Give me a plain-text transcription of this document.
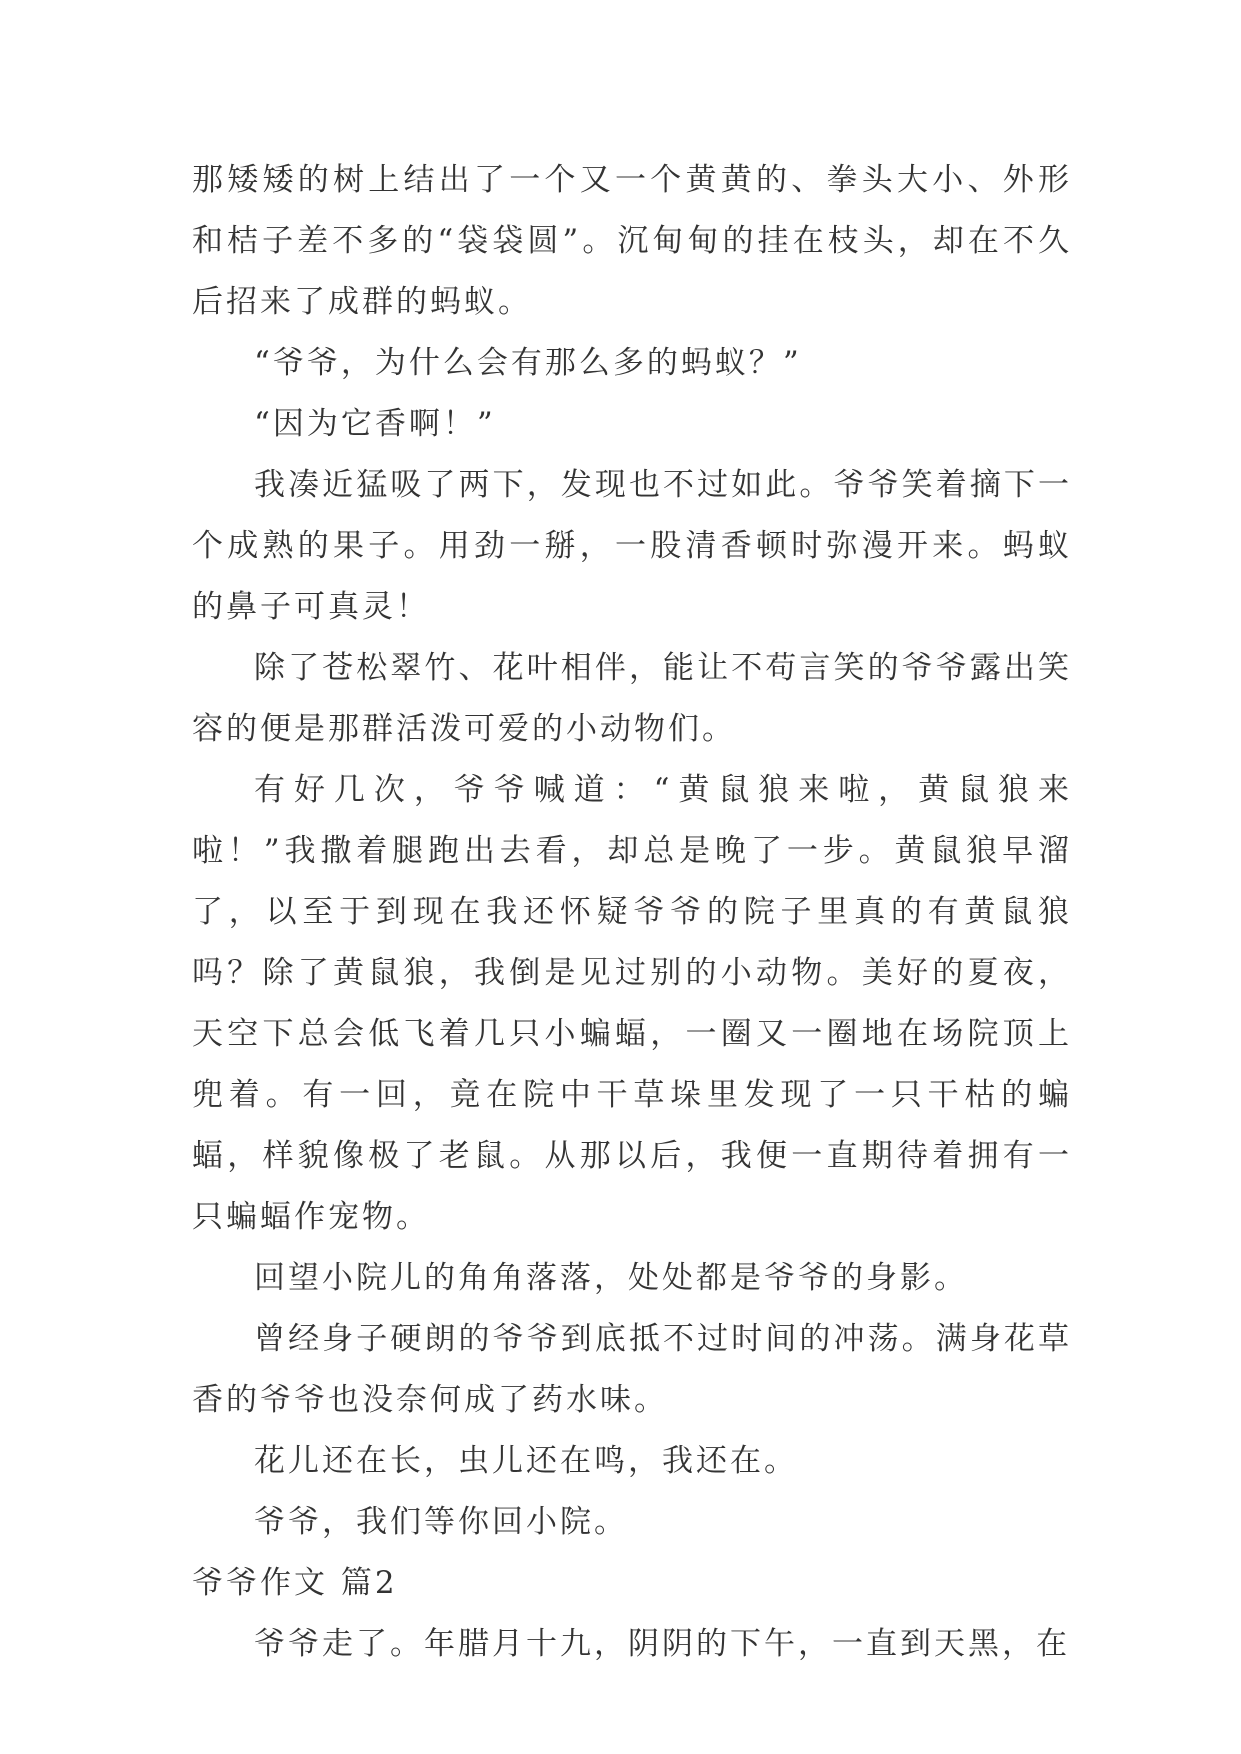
那矮矮的树上结出了一个又一个黄黄的、拳头大小、外形和桔子差不多的“袋袋圆”。沉甸甸的挂在枝头，却在不久后招来了成群的蚂蚁。

“爷爷，为什么会有那么多的蚂蚁？”

“因为它香啊！”

我凑近猛吸了两下，发现也不过如此。爷爷笑着摘下一个成熟的果子。用劲一掰，一股清香顿时弥漫开来。蚂蚁的鼻子可真灵！

除了苍松翠竹、花叶相伴，能让不苟言笑的爷爷露出笑容的便是那群活泼可爱的小动物们。

有好几次，爷爷喊道：“黄鼠狼来啦，黄鼠狼来啦！”我撒着腿跑出去看，却总是晚了一步。黄鼠狼早溜了，以至于到现在我还怀疑爷爷的院子里真的有黄鼠狼吗？除了黄鼠狼，我倒是见过别的小动物。美好的夏夜，天空下总会低飞着几只小蝙蝠，一圈又一圈地在场院顶上兜着。有一回，竟在院中干草垛里发现了一只干枯的蝙蝠，样貌像极了老鼠。从那以后，我便一直期待着拥有一只蝙蝠作宠物。

回望小院儿的角角落落，处处都是爷爷的身影。

曾经身子硬朗的爷爷到底抵不过时间的冲荡。满身花草香的爷爷也没奈何成了药水味。

花儿还在长，虫儿还在鸣，我还在。

爷爷，我们等你回小院。

爷爷作文 篇2

爷爷走了。年腊月十九，阴阴的下午，一直到天黑，在
